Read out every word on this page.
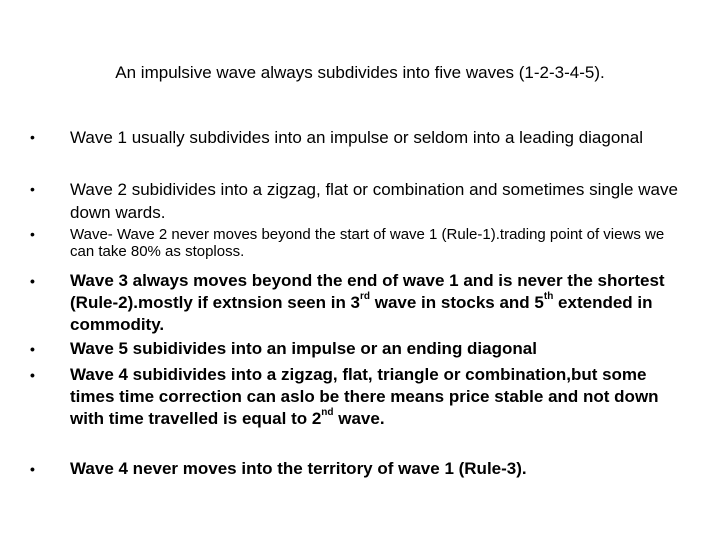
An impulsive wave always subdivides into five waves (1-2-3-4-5).
•	Wave 1 usually subdivides into an impulse or seldom into a leading diagonal
•	Wave 2 subidivides into a zigzag, flat or combination and sometimes single wave down wards.
•	Wave- Wave 2 never moves beyond the start of wave 1 (Rule-1).trading point of views we can take 80% as stoploss.
•	Wave 3 always moves beyond the end of wave 1 and is never the shortest (Rule-2).mostly if extnsion seen in 3rd wave in stocks and 5th extended in commodity.
•	Wave 5 subidivides into an impulse or an ending diagonal
•	Wave 4 subidivides into a zigzag, flat, triangle or combination,but some times time correction can aslo be there means price stable and not down with time travelled is equal to 2nd wave.
•	Wave 4 never moves into the territory of wave 1 (Rule-3).
